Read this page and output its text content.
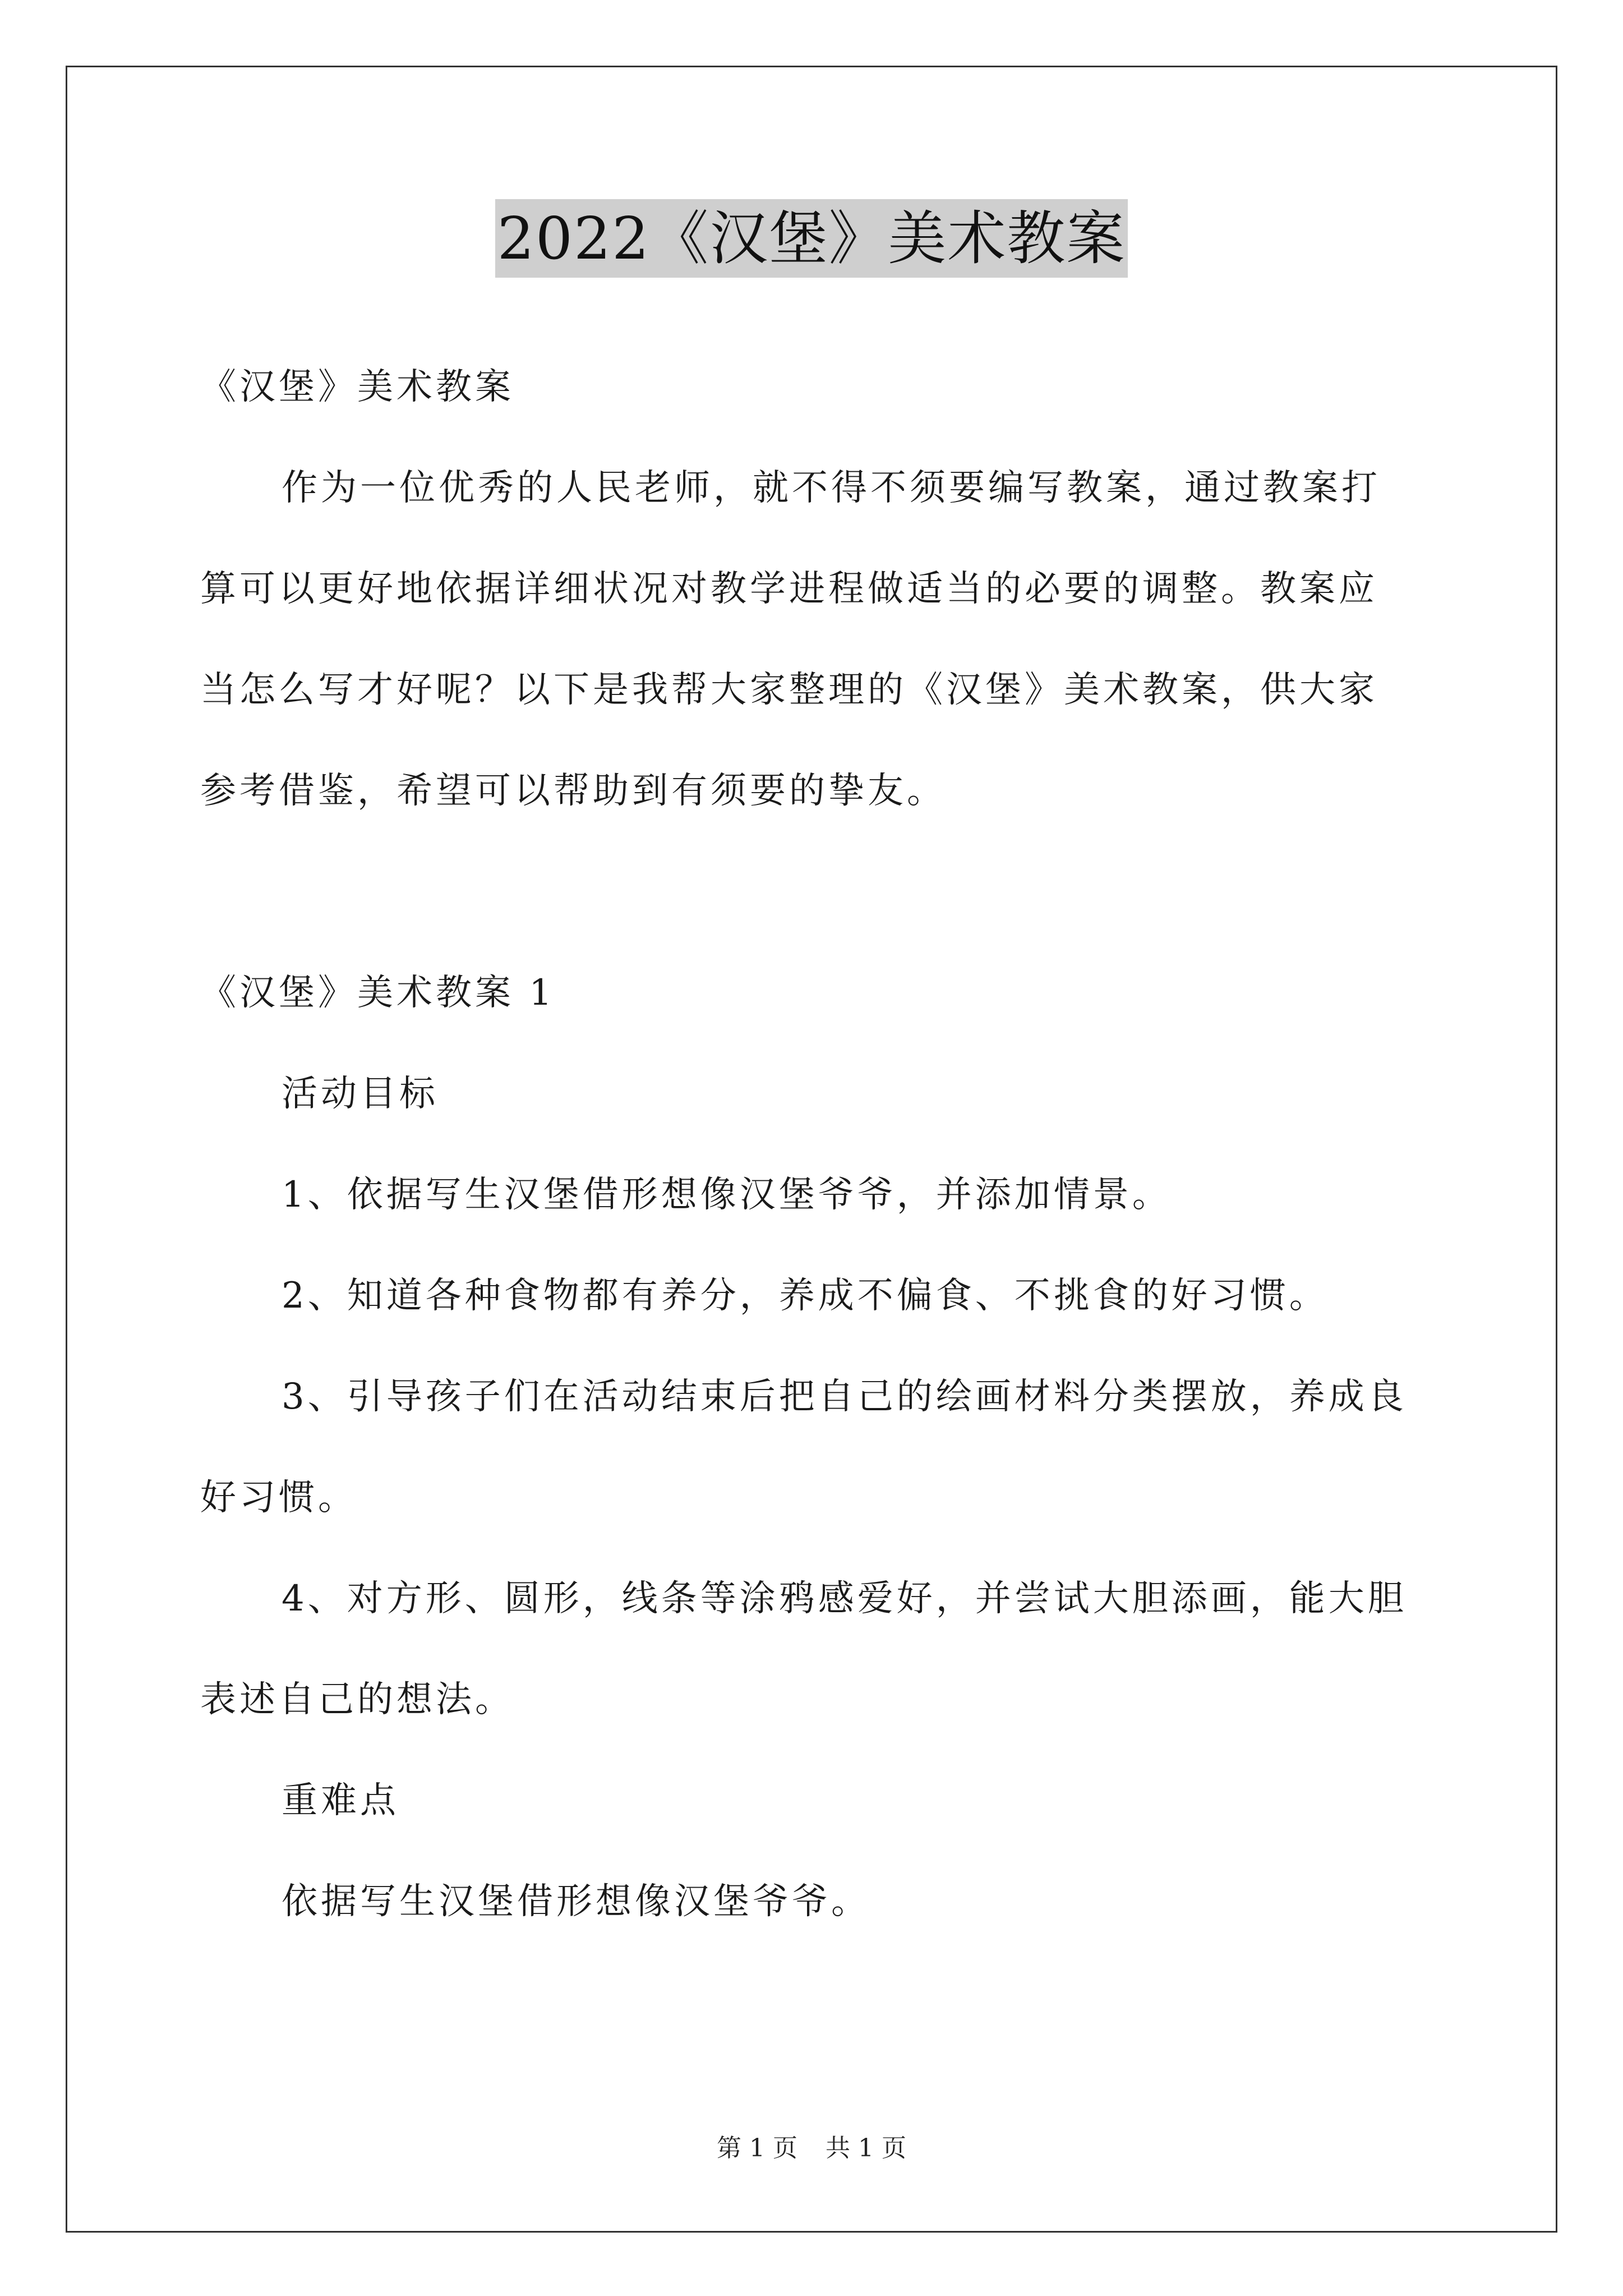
2022《汉堡》美术教案

《汉堡》美术教案

作为一位优秀的人民老师，就不得不须要编写教案，通过教案打

算可以更好地依据详细状况对教学进程做适当的必要的调整。教案应

当怎么写才好呢？以下是我帮大家整理的《汉堡》美术教案，供大家

参考借鉴，希望可以帮助到有须要的挚友。

《汉堡》美术教案 1

活动目标

1、依据写生汉堡借形想像汉堡爷爷，并添加情景。

2、知道各种食物都有养分，养成不偏食、不挑食的好习惯。

3、引导孩子们在活动结束后把自己的绘画材料分类摆放，养成良

好习惯。

4、对方形、圆形，线条等涂鸦感爱好，并尝试大胆添画，能大胆

表述自己的想法。

重难点

依据写生汉堡借形想像汉堡爷爷。

第 1 页 共 1 页
